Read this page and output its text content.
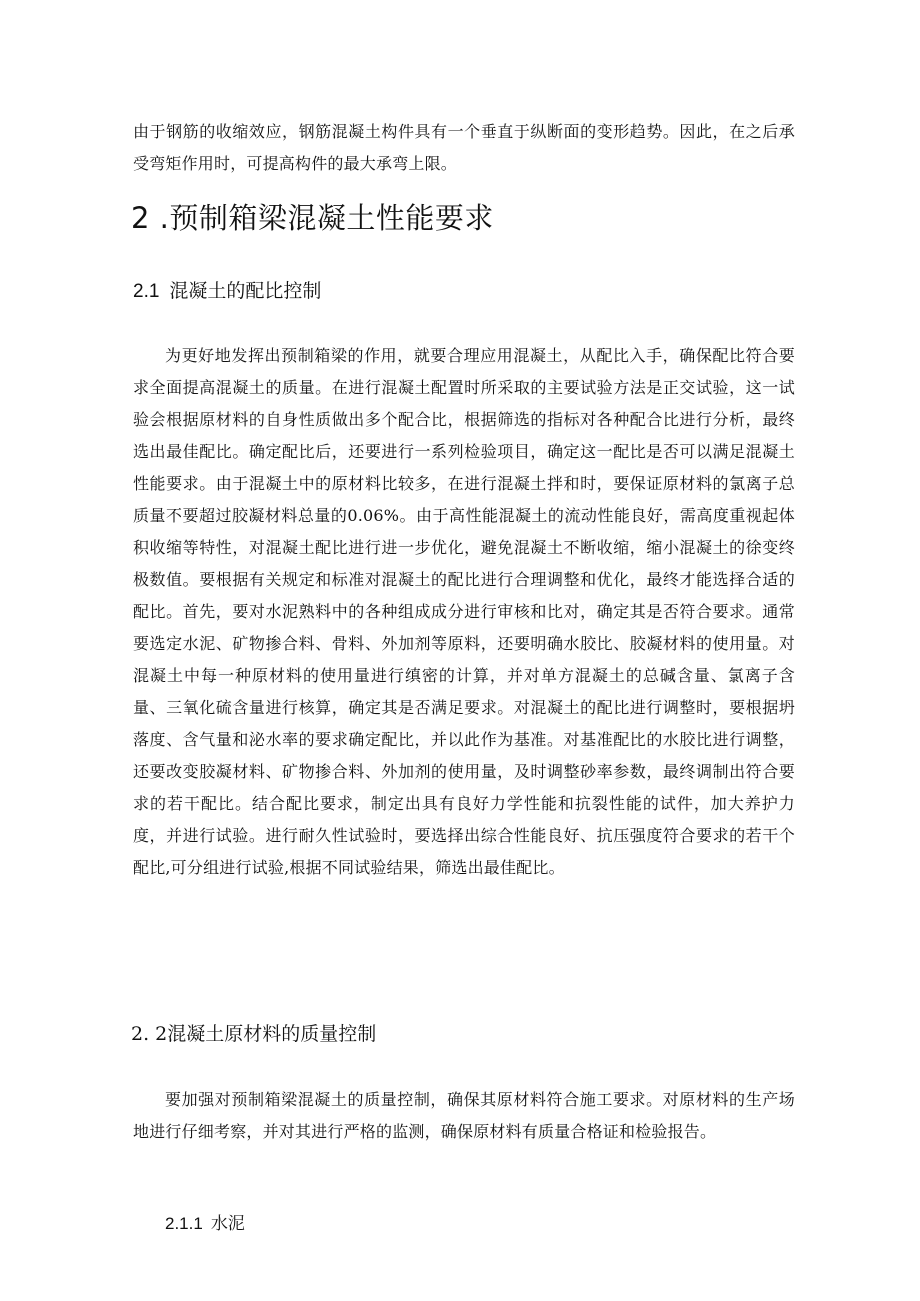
由于钢筋的收缩效应，钢筋混凝土构件具有一个垂直于纵断面的变形趋势。因此，在之后承受弯矩作用时，可提高构件的最大承弯上限。

2 .预制箱梁混凝土性能要求
2.1 混凝土的配比控制

为更好地发挥出预制箱梁的作用，就要合理应用混凝土，从配比入手，确保配比符合要求全面提高混凝土的质量。在进行混凝土配置时所采取的主要试验方法是正交试验，这一试验会根据原材料的自身性质做出多个配合比，根据筛选的指标对各种配合比进行分析，最终选出最佳配比。确定配比后，还要进行一系列检验项目，确定这一配比是否可以满足混凝土性能要求。由于混凝土中的原材料比较多，在进行混凝土拌和时，要保证原材料的氯离子总质量不要超过胶凝材料总量的0.06%。由于高性能混凝土的流动性能良好，需高度重视起体积收缩等特性，对混凝土配比进行进一步优化，避免混凝土不断收缩，缩小混凝土的徐变终极数值。要根据有关规定和标准对混凝土的配比进行合理调整和优化，最终才能选择合适的配比。首先，要对水泥熟料中的各种组成成分进行审核和比对，确定其是否符合要求。通常要选定水泥、矿物掺合料、骨料、外加剂等原料，还要明确水胶比、胶凝材料的使用量。对混凝土中每一种原材料的使用量进行缜密的计算，并对单方混凝土的总碱含量、氯离子含量、三氧化硫含量进行核算，确定其是否满足要求。对混凝土的配比进行调整时，要根据坍落度、含气量和泌水率的要求确定配比，并以此作为基准。对基准配比的水胶比进行调整，还要改变胶凝材料、矿物掺合料、外加剂的使用量，及时调整砂率参数，最终调制出符合要求的若干配比。结合配比要求，制定出具有良好力学性能和抗裂性能的试件，加大养护力度，并进行试验。进行耐久性试验时，要选择出综合性能良好、抗压强度符合要求的若干个配比,可分组进行试验,根据不同试验结果，筛选出最佳配比。

2. 2混凝土原材料的质量控制

要加强对预制箱梁混凝土的质量控制，确保其原材料符合施工要求。对原材料的生产场地进行仔细考察，并对其进行严格的监测，确保原材料有质量合格证和检验报告。

2.1.1 水泥
